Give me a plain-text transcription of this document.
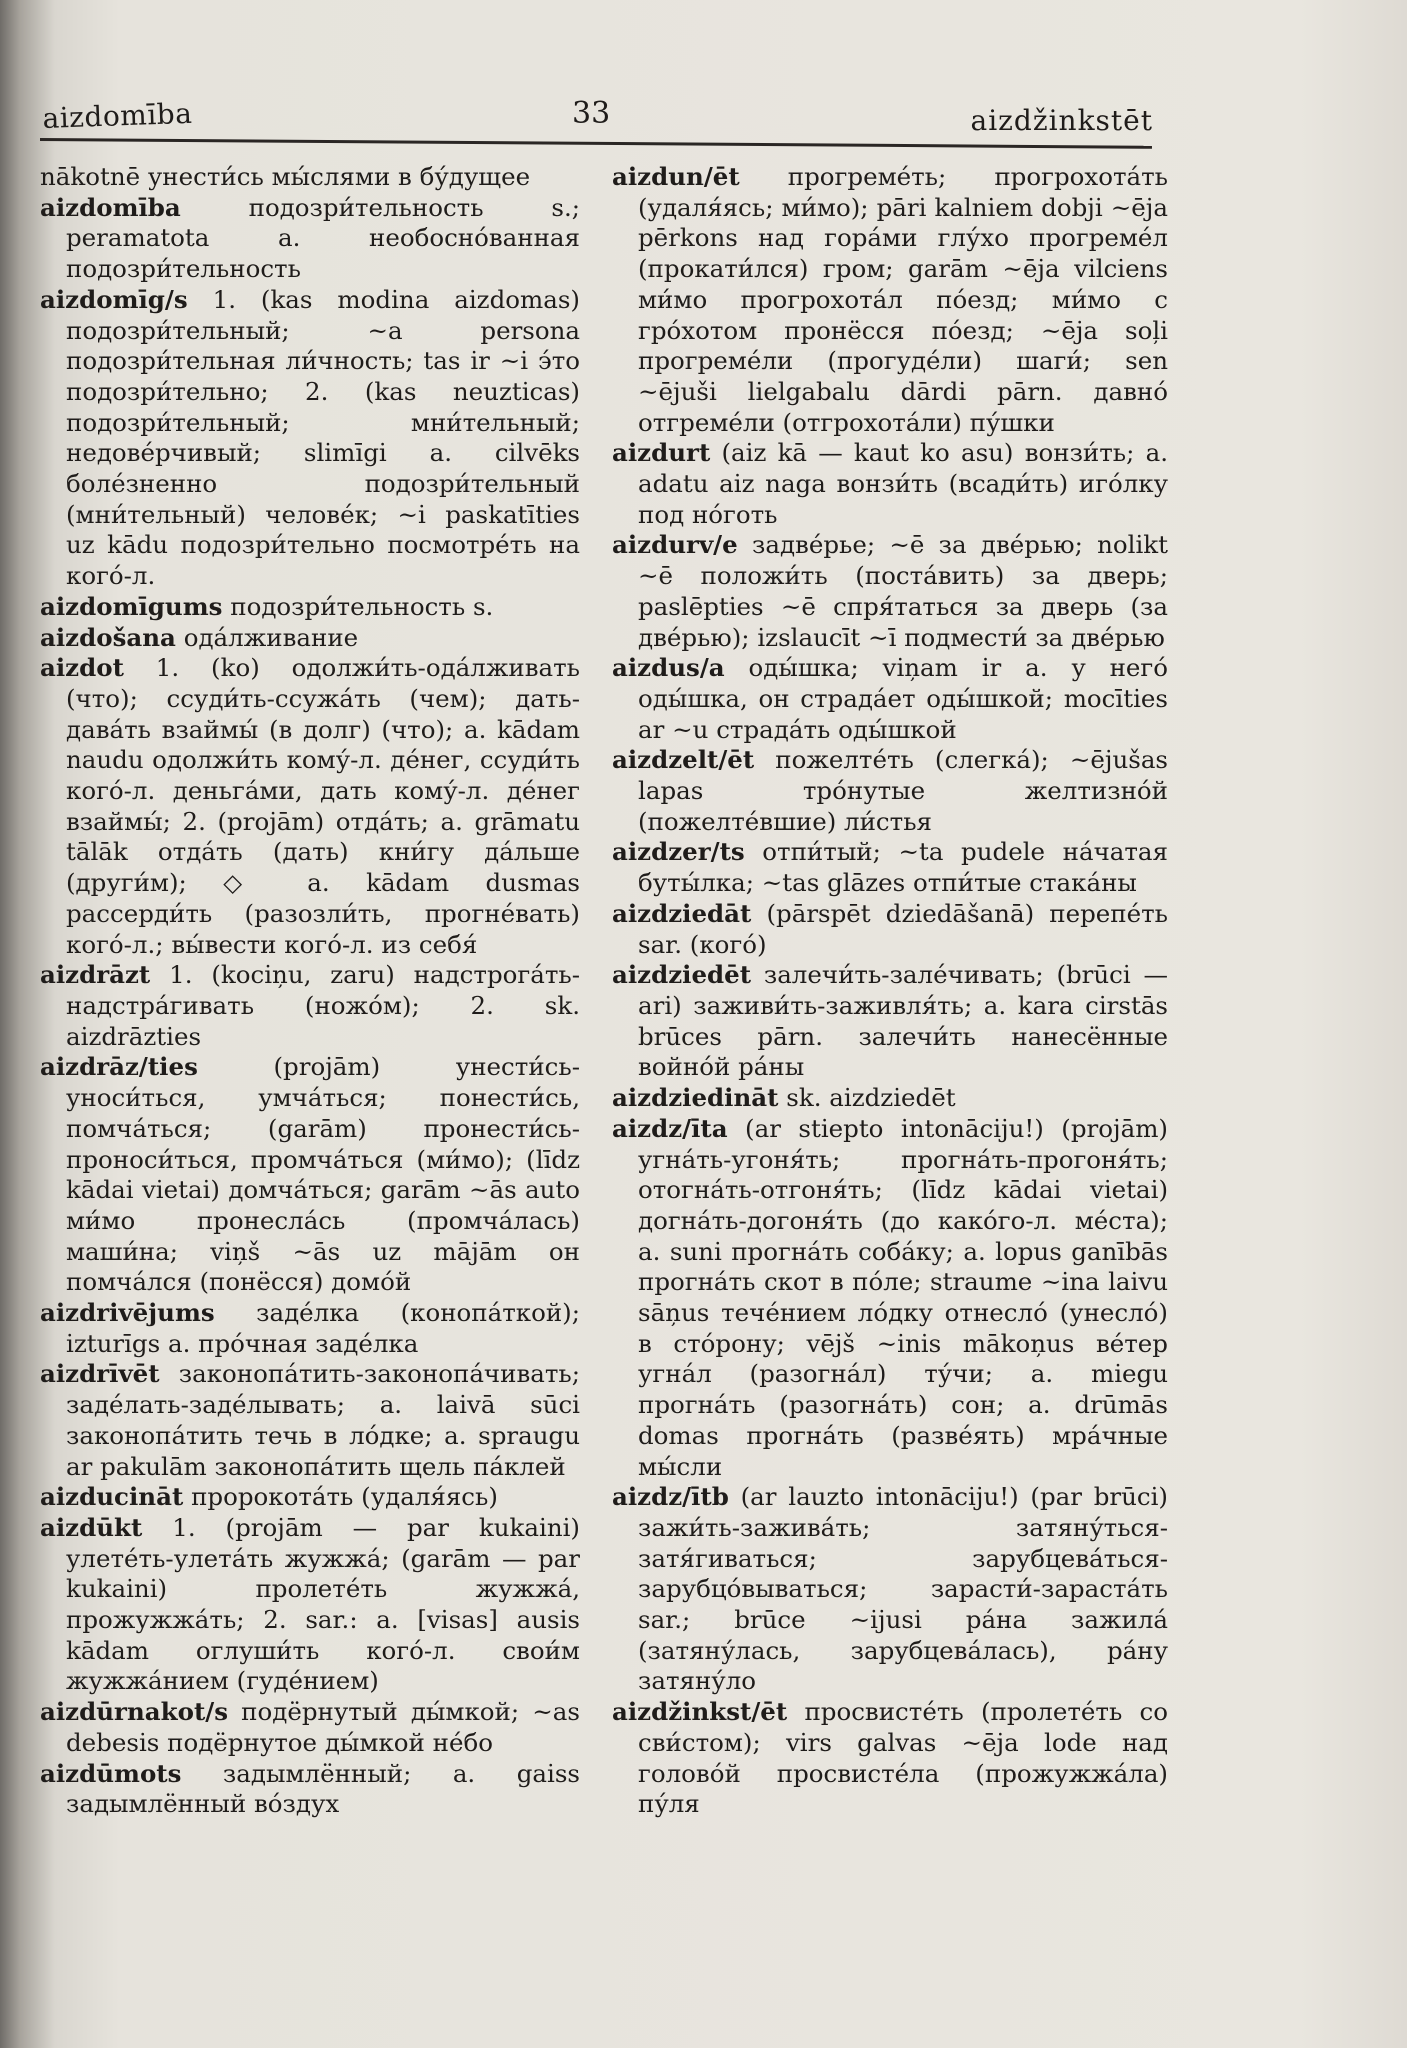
aizdomība	33	aizdžinkstēt
nākotnē унести́сь мы́слями в бу́дущее
aizdomība подозри́тельность s.; peramatota a. необосно́ванная подозри́тельность
aizdomīg/s 1. (kas modina aizdomas) подозри́тельный; ~a persona подозри́тельная ли́чность; tas ir ~i э́то подозри́тельно; 2. (kas neuzticas) подозри́тельный; мни́тельный; недове́рчивый; slimīgi a. cilvēks боле́зненно подозри́тельный (мни́тельный) челове́к; ~i paskatīties uz kādu подозри́тельно посмотре́ть на кого́-л.
aizdomīgums подозри́тельность s.
aizdošana ода́лживание
aizdot 1. (ko) одолжи́ть-ода́лживать (что); ссуди́ть-ссужа́ть (чем); дать-дава́ть взаймы́ (в долг) (что); a. kādam naudu одолжи́ть кому́-л. де́нег, ссуди́ть кого́-л. деньга́ми, дать кому́-л. де́нег взаймы́; 2. (projām) отда́ть; a. grāmatu tālāk отда́ть (дать) кни́гу да́льше (други́м); ◇ a. kādam dusmas рассерди́ть (разозли́ть, прогне́вать) кого́-л.; вы́вести кого́-л. из себя́
aizdrāzt 1. (kociņu, zaru) надстрога́ть-надстра́гивать (ножо́м); 2. sk. aizdrāzties
aizdrāz/ties (projām) унести́сь-уноси́ться, умча́ться; понести́сь, помча́ться; (garām) пронести́сь-проноси́ться, промча́ться (ми́мо); (līdz kādai vietai) домча́ться; garām ~ās auto ми́мо пронесла́сь (промча́лась) маши́на; viņš ~ās uz mājām он помча́лся (понёсся) домо́й
aizdrivējums заде́лка (конопа́ткой); izturīgs a. про́чная заде́лка
aizdrīvēt законопа́тить-законопа́чивать; заде́лать-заде́лывать; a. laivā sūci законопа́тить течь в ло́дке; a. spraugu ar pakulām законопа́тить щель па́клей
aizducināt пророкота́ть (удаля́ясь)
aizdūkt 1. (projām — par kukaini) улете́ть-улета́ть жужжа́; (garām — par kukaini) пролете́ть жужжа́, прожужжа́ть; 2. sar.: a. [visas] ausis kādam оглуши́ть кого́-л. свои́м жужжа́нием (гуде́нием)
aizdūrnakot/s подёрнутый ды́мкой; ~as debesis подёрнутое ды́мкой не́бо
aizdūmots задымлённый; a. gaiss задымлённый во́здух
aizdun/ēt прогреме́ть; прогрохота́ть (удаля́ясь; ми́мо); pāri kalniem dobji ~ēja pērkons над гора́ми глу́хо прогреме́л (прокати́лся) гром; garām ~ēja vilciens ми́мо прогрохота́л по́езд; ми́мо с гро́хотом пронёсся по́езд; ~ēja soļi прогреме́ли (прогуде́ли) шаги́; sen ~ējuši lielgabalu dārdi pārn. давно́ отгреме́ли (отгрохота́ли) пу́шки
aizdurt (aiz kā — kaut ko asu) вонзи́ть; a. adatu aiz naga вонзи́ть (всади́ть) иго́лку под но́готь
aizdurv/e задве́рье; ~ē за две́рью; nolikt ~ē положи́ть (поста́вить) за дверь; paslēpties ~ē спря́таться за дверь (за две́рью); izslaucīt ~ī подмести́ за две́рью
aizdus/a оды́шка; viņam ir a. у него́ оды́шка, он страда́ет оды́шкой; mocīties ar ~u страда́ть оды́шкой
aizdzelt/ēt пожелте́ть (слегка́); ~ējušas lapas тро́нутые желтизно́й (пожелте́вшие) ли́стья
aizdzer/ts отпи́тый; ~ta pudele на́чатая буты́лка; ~tas glāzes отпи́тые стака́ны
aizdziedāt (pārspēt dziedāšanā) перепе́ть sar. (кого́)
aizdziedēt залечи́ть-зале́чивать; (brūci — ari) заживи́ть-заживля́ть; a. kara cirstās brūces pārn. залечи́ть нанесённые войно́й ра́ны
aizdziedināt sk. aizdziedēt
aizdz/īta (ar stiepto intonāciju!) (projām) угна́ть-угоня́ть; прогна́ть-прогоня́ть; отогна́ть-отгоня́ть; (līdz kādai vietai) догна́ть-догоня́ть (до како́го-л. ме́ста); a. suni прогна́ть соба́ку; a. lopus ganībās прогна́ть скот в по́ле; straume ~ina laivu sāņus тече́нием ло́дку отнесло́ (унесло́) в сто́рону; vējš ~inis mākoņus ве́тер угна́л (разогна́л) ту́чи; a. miegu прогна́ть (разогна́ть) сон; a. drūmās domas прогна́ть (разве́ять) мра́чные мы́сли
aizdz/ītb (ar lauzto intonāciju!) (par brūci) зажи́ть-зажива́ть; затяну́ться-затя́гиваться; зарубцева́ться-зарубцо́вываться; зарасти́-зараста́ть sar.; brūce ~ijusi ра́на зажила́ (затяну́лась, зарубцева́лась), ра́ну затяну́ло
aizdžinkst/ēt просвисте́ть (пролете́ть со сви́стом); virs galvas ~ēja lode над голово́й просвисте́ла (прожужжа́ла) пу́ля
